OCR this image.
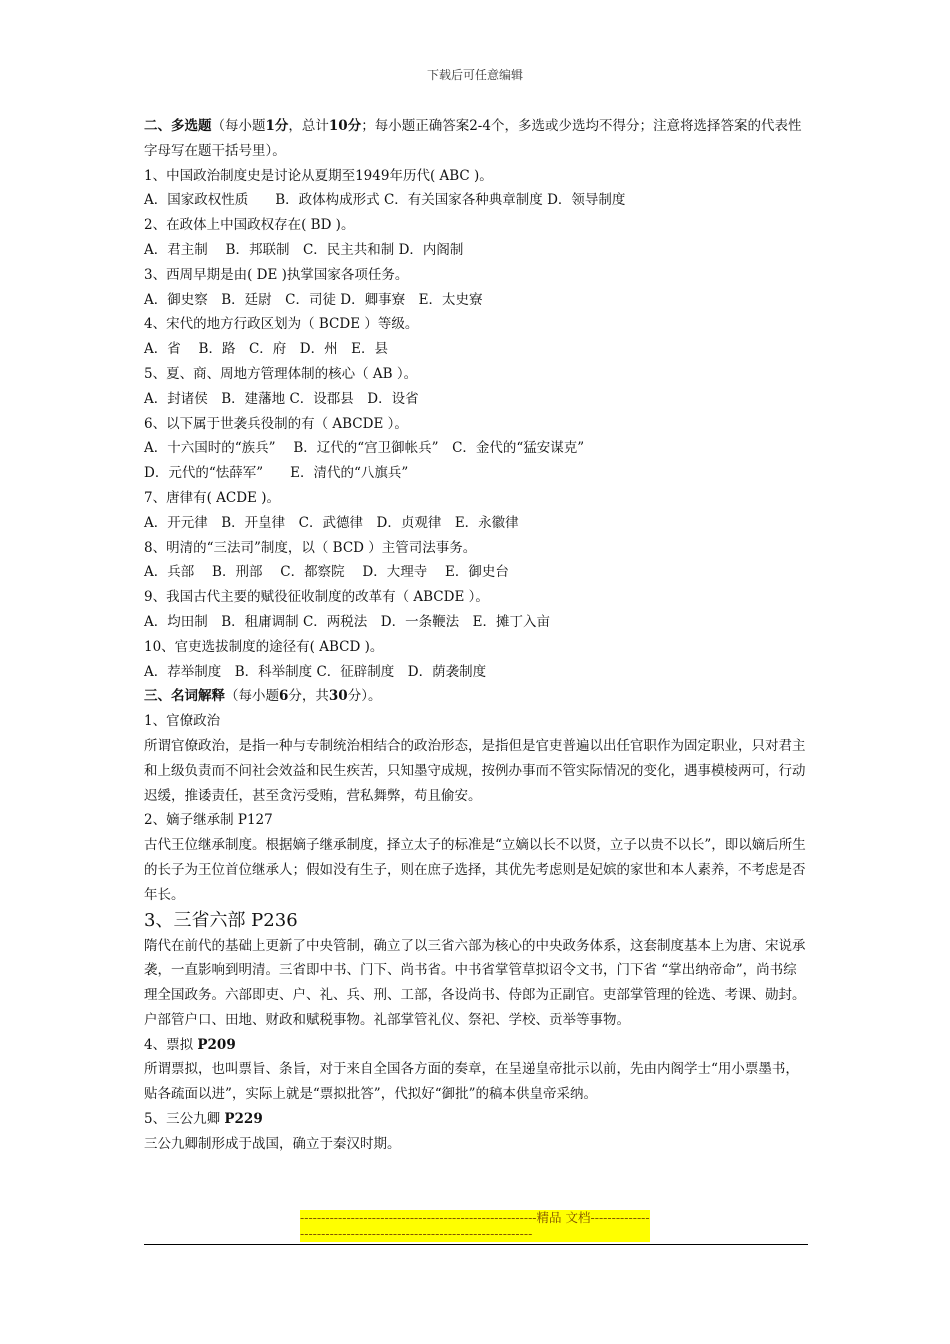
下载后可任意编辑

二、多选题（每小题1分，总计10分；每小题正确答案2-4个，多选或少选均不得分；注意将选择答案的代表性字母写在题干括号里）。

1、中国政治制度史是讨论从夏期至1949年历代( ABC )。

A．国家政权性质　　B．政体构成形式 C．有关国家各种典章制度 D．领导制度

2、在政体上中国政权存在( BD )。

A．君主制　 B．邦联制　C．民主共和制 D．内阁制

3、西周早期是由( DE )执掌国家各项任务。

A．御史察　B．廷尉　C．司徒 D．卿事寮　E．太史寮

4、宋代的地方行政区划为（ BCDE ）等级。

A．省　 B．路　C．府　D．州　E．县

5、夏、商、周地方管理体制的核心（ AB ）。

A．封诸侯　B．建藩地 C．设郡县　D．设省

6、以下属于世袭兵役制的有（ ABCDE ）。

A．十六国时的“族兵”　 B．辽代的“宫卫御帐兵”　C．金代的“猛安谋克”

D．元代的“怯薛军”　　E．清代的“八旗兵”

7、唐律有( ACDE )。

A．开元律　B．开皇律　C．武德律　D．贞观律　E．永徽律

8、明清的“三法司”制度，以（ BCD ）主管司法事务。

A．兵部　 B．刑部　 C．都察院　 D．大理寺　 E．御史台

9、我国古代主要的赋役征收制度的改革有（ ABCDE ）。

A．均田制　B．租庸调制 C．两税法　D．一条鞭法　E．摊丁入亩

10、官吏选拔制度的途径有( ABCD )。

A．荐举制度　B．科举制度 C．征辟制度　D．荫袭制度

三、名词解释（每小题6分，共30分）。

1、官僚政治

所谓官僚政治，是指一种与专制统治相结合的政治形态，是指但是官吏普遍以出任官职作为固定职业，只对君主和上级负责而不问社会效益和民生疾苦，只知墨守成规，按例办事而不管实际情况的变化，遇事模棱两可，行动迟缓，推诿责任，甚至贪污受贿，营私舞弊，苟且偷安。

2、嫡子继承制 P127

古代王位继承制度。根据嫡子继承制度，择立太子的标准是“立嫡以长不以贤，立子以贵不以长”，即以嫡后所生的长子为王位首位继承人；假如没有生子，则在庶子选择，其优先考虑则是妃嫔的家世和本人素养，不考虑是否年长。

3、三省六部 P236

隋代在前代的基础上更新了中央管制，确立了以三省六部为核心的中央政务体系，这套制度基本上为唐、宋说承袭，一直影响到明清。三省即中书、门下、尚书省。中书省掌管草拟诏令文书，门下省 “掌出纳帝命”，尚书综理全国政务。六部即吏、户、礼、兵、刑、工部，各设尚书、侍郎为正副官。吏部掌管理的铨选、考课、勋封。户部管户口、田地、财政和赋税事物。礼部掌管礼仪、祭祀、学校、贡举等事物。

4、票拟 P209

所谓票拟，也叫票旨、条旨，对于来自全国各方面的奏章，在呈递皇帝批示以前，先由内阁学士“用小票墨书，贴各疏面以进”，实际上就是“票拟批答”，代拟好“御批”的稿本供皇帝采纳。

5、三公九卿 P229

三公九卿制形成于战国，确立于秦汉时期。

--------------------------------------------------------精品 文档---------------------------------------------------------------------
